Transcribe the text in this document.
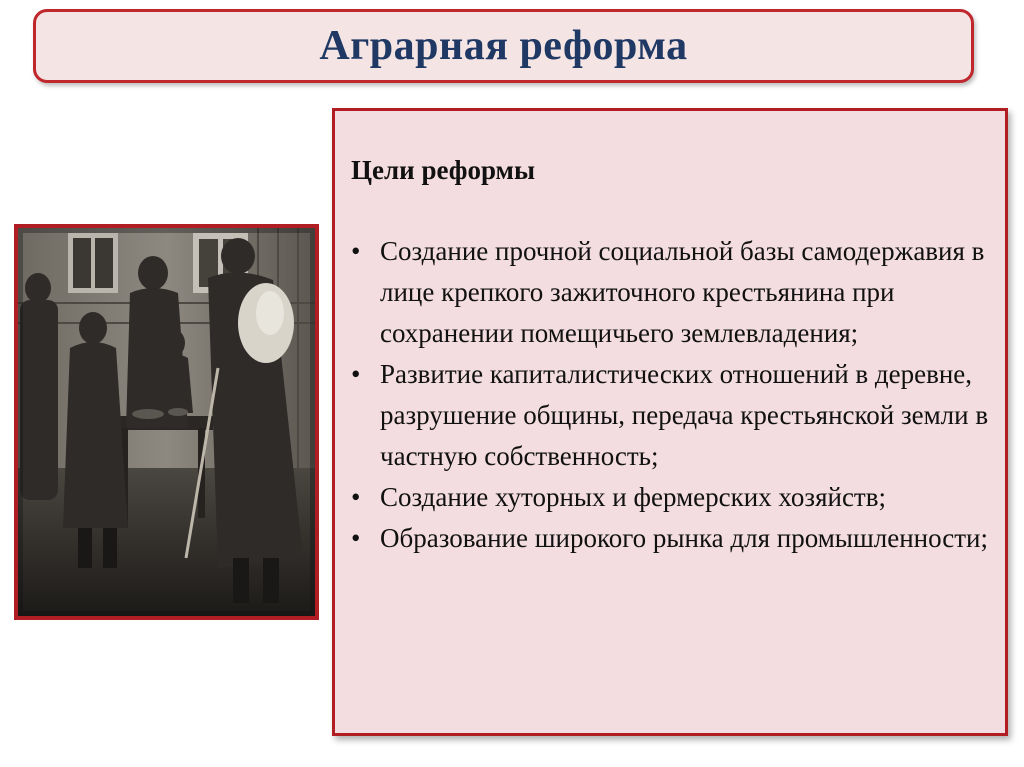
Аграрная реформа
Цели реформы
• Создание прочной социальной базы самодержавия в лице крепкого зажиточного крестьянина при сохранении помещичьего землевладения;
• Развитие капиталистических отношений в деревне, разрушение общины, передача крестьянской земли в частную собственность;
• Создание хуторных и фермерских хозяйств;
• Образование широкого рынка для промышленности;
